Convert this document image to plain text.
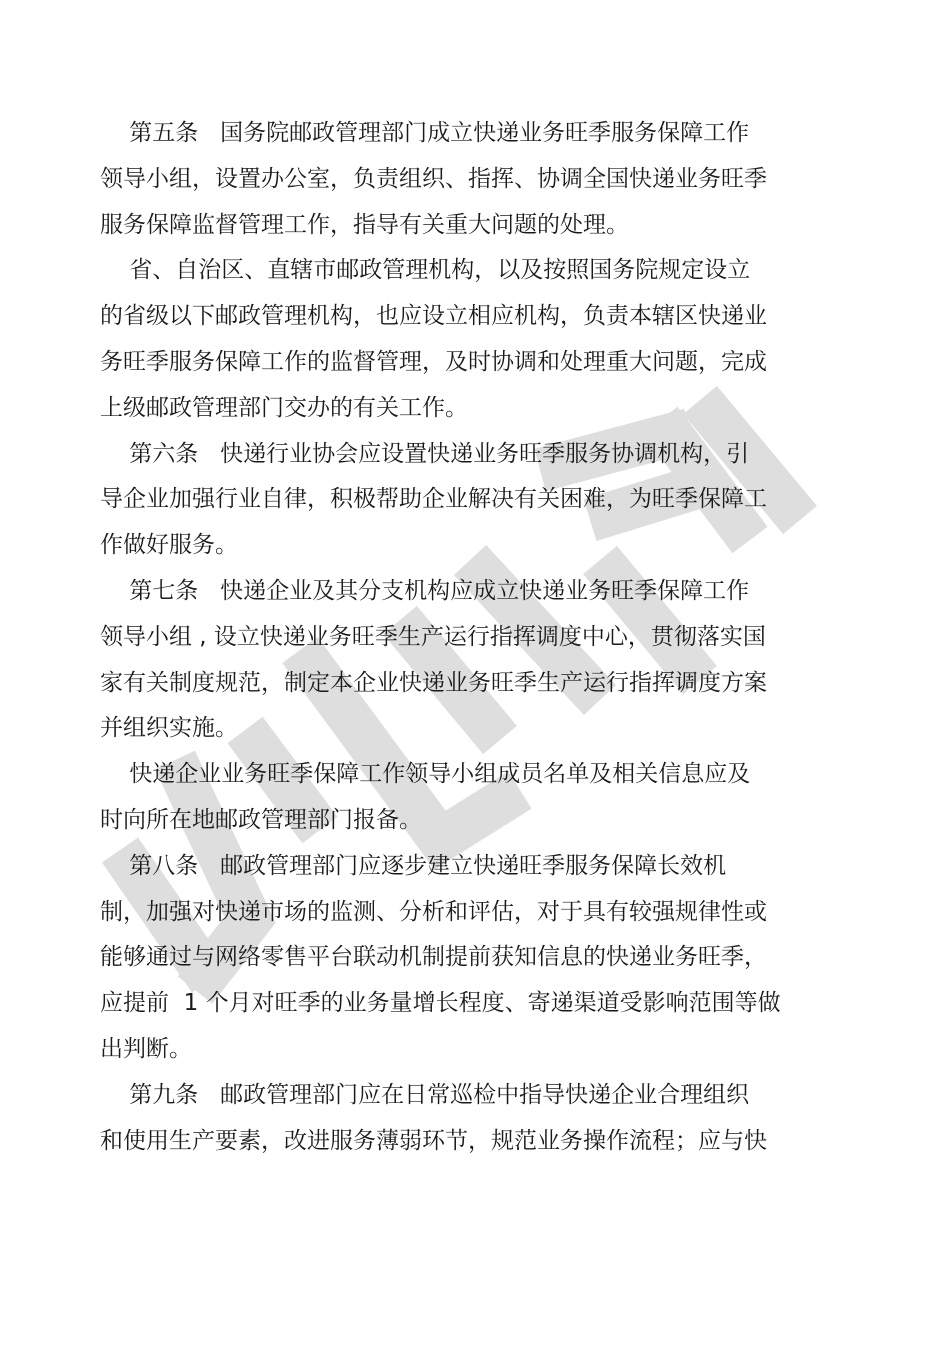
第五条   国务院邮政管理部门成立快递业务旺季服务保障工作
领导小组，设置办公室，负责组织、指挥、协调全国快递业务旺季
服务保障监督管理工作，指导有关重大问题的处理。
省、自治区、直辖市邮政管理机构，以及按照国务院规定设立
的省级以下邮政管理机构，也应设立相应机构，负责本辖区快递业
务旺季服务保障工作的监督管理，及时协调和处理重大问题，完成
上级邮政管理部门交办的有关工作。
第六条   快递行业协会应设置快递业务旺季服务协调机构，引
导企业加强行业自律，积极帮助企业解决有关困难，为旺季保障工
作做好服务。
第七条   快递企业及其分支机构应成立快递业务旺季保障工作
领导小组 , 设立快递业务旺季生产运行指挥调度中心，贯彻落实国
家有关制度规范，制定本企业快递业务旺季生产运行指挥调度方案
并组织实施。
快递企业业务旺季保障工作领导小组成员名单及相关信息应及
时向所在地邮政管理部门报备。
第八条   邮政管理部门应逐步建立快递旺季服务保障长效机
制，加强对快递市场的监测、分析和评估，对于具有较强规律性或
能够通过与网络零售平台联动机制提前获知信息的快递业务旺季，
应提前  1 个月对旺季的业务量增长程度、寄递渠道受影响范围等做
出判断。
第九条   邮政管理部门应在日常巡检中指导快递企业合理组织
和使用生产要素，改进服务薄弱环节，规范业务操作流程；应与快
